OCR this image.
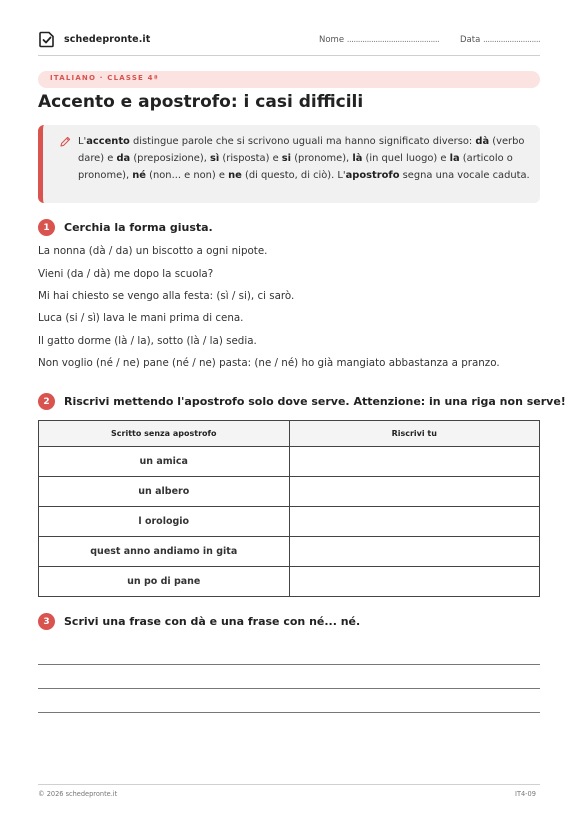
schedepronte.it	Nome .......................................... Data ..........................
ITALIANO · CLASSE 4ª
Accento e apostrofo: i casi difficili
L'accento distingue parole che si scrivono uguali ma hanno significato diverso: dà (verbo dare) e da (preposizione), sì (risposta) e si (pronome), là (in quel luogo) e la (articolo o pronome), né (non... e non) e ne (di questo, di ciò). L'apostrofo segna una vocale caduta.
1	Cerchia la forma giusta.
La nonna (dà / da) un biscotto a ogni nipote.
Vieni (da / dà) me dopo la scuola?
Mi hai chiesto se vengo alla festa: (sì / si), ci sarò.
Luca (si / sì) lava le mani prima di cena.
Il gatto dorme (là / la), sotto (là / la) sedia.
Non voglio (né / ne) pane (né / ne) pasta: (ne / né) ho già mangiato abbastanza a pranzo.
2	Riscrivi mettendo l'apostrofo solo dove serve. Attenzione: in una riga non serve!
Scritto senza apostrofo	Riscrivi tu
un amica	
un albero	
l orologio	
quest anno andiamo in gita	
un po di pane	
3	Scrivi una frase con dà e una frase con né... né.
© 2026 schedepronte.it	IT4-09
